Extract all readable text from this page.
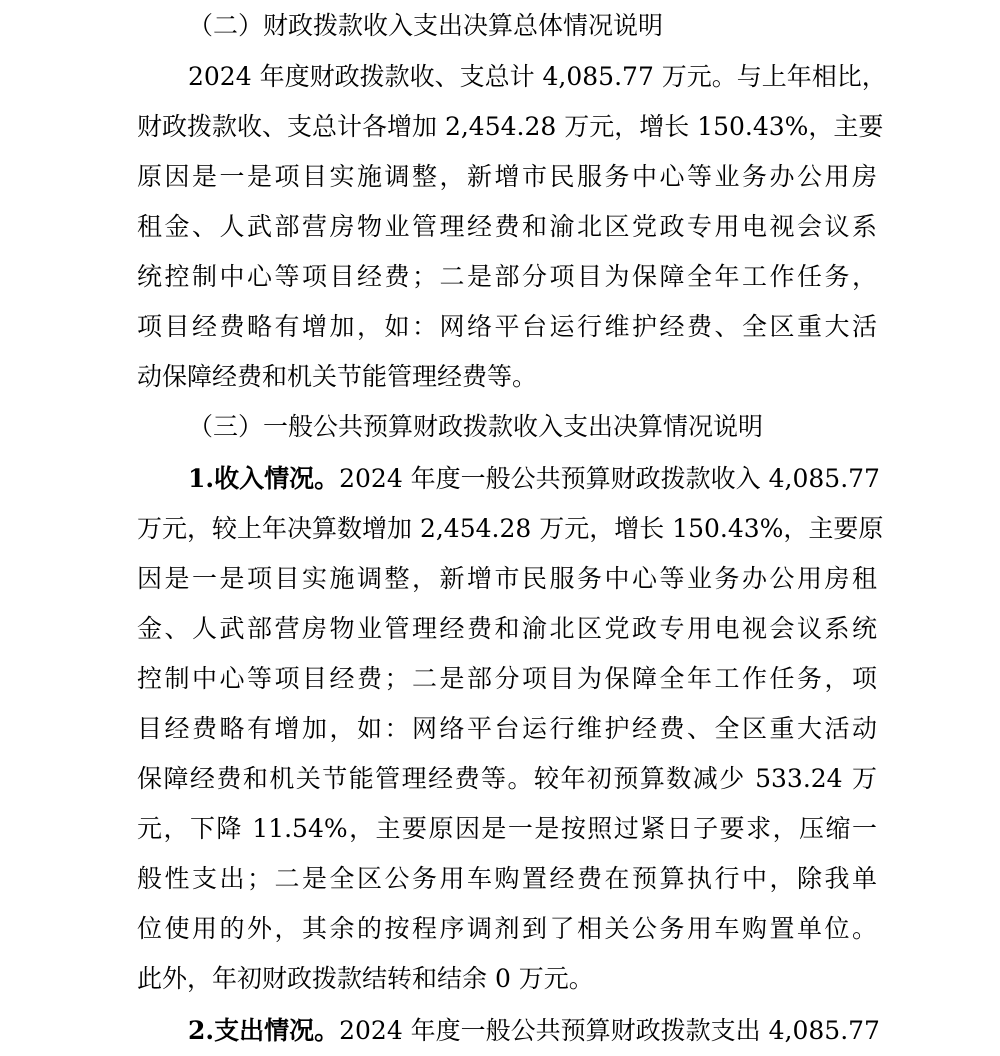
（二）财政拨款收入支出决算总体情况说明
2024 年度财政拨款收、支总计 4,085.77 万元。与上年相比，
财政拨款收、支总计各增加 2,454.28 万元，增长 150.43%，主要
原因是一是项目实施调整，新增市民服务中心等业务办公用房
租金、人武部营房物业管理经费和渝北区党政专用电视会议系
统控制中心等项目经费；二是部分项目为保障全年工作任务，
项目经费略有增加，如：网络平台运行维护经费、全区重大活
动保障经费和机关节能管理经费等。
（三）一般公共预算财政拨款收入支出决算情况说明
1.收入情况。2024 年度一般公共预算财政拨款收入 4,085.77
万元，较上年决算数增加 2,454.28 万元，增长 150.43%，主要原
因是一是项目实施调整，新增市民服务中心等业务办公用房租
金、人武部营房物业管理经费和渝北区党政专用电视会议系统
控制中心等项目经费；二是部分项目为保障全年工作任务，项
目经费略有增加，如：网络平台运行维护经费、全区重大活动
保障经费和机关节能管理经费等。较年初预算数减少 533.24 万
元，下降 11.54%，主要原因是一是按照过紧日子要求，压缩一
般性支出；二是全区公务用车购置经费在预算执行中，除我单
位使用的外，其余的按程序调剂到了相关公务用车购置单位。
此外，年初财政拨款结转和结余 0 万元。
2.支出情况。2024 年度一般公共预算财政拨款支出 4,085.77
